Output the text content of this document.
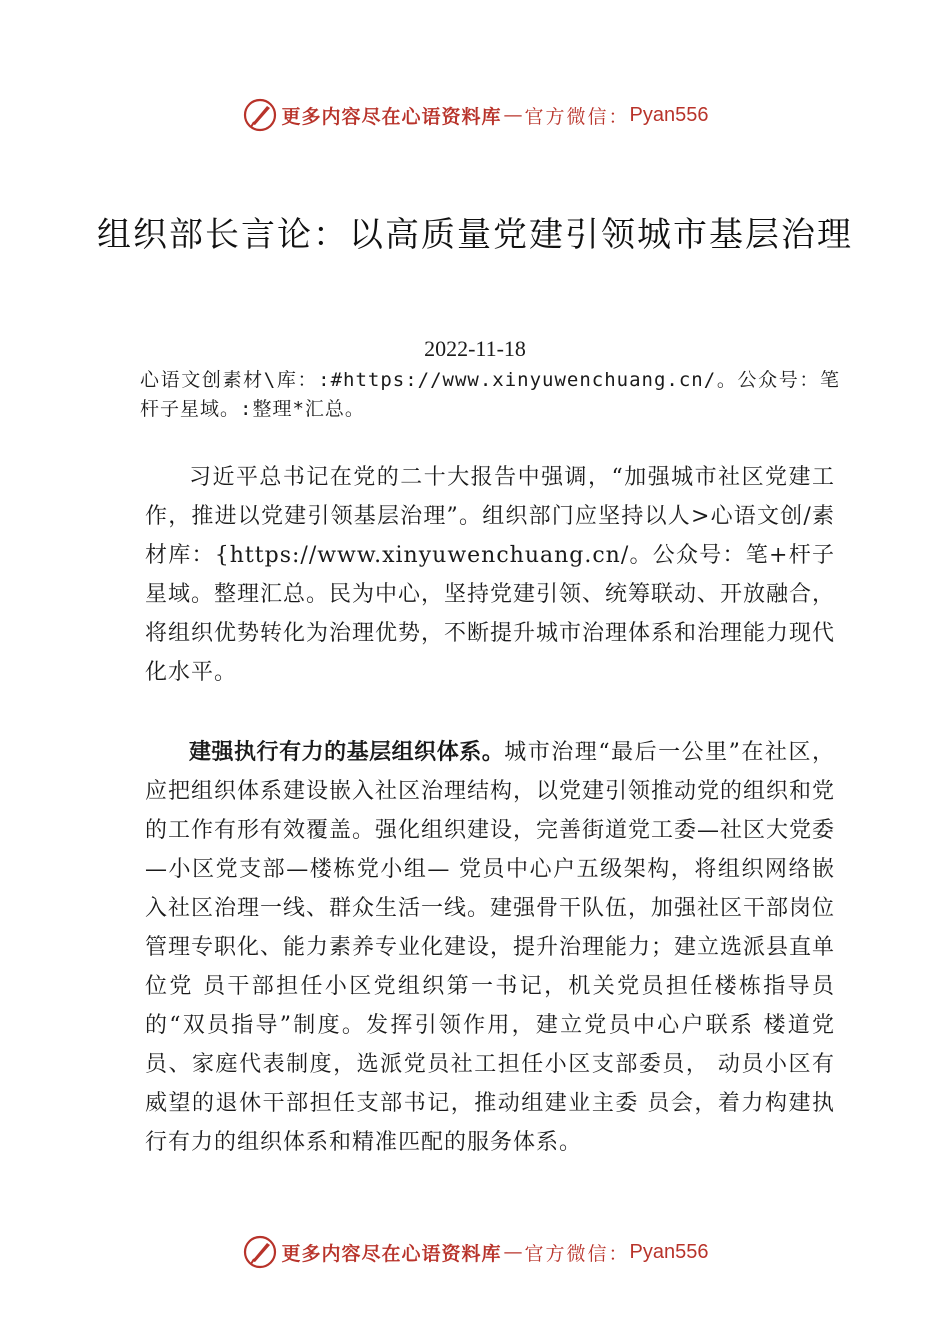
更多内容尽在心语资料库 — 官方微信： Pyan556
组织部长言论：以高质量党建引领城市基层治理
2022-11-18
心语文创素材\库：:#https://www.xinyuwenchuang.cn/。公众号：笔杆子星域。:整理*汇总。
习近平总书记在党的二十大报告中强调，“加强城市社区党建工作，推进以党建引领基层治理”。组织部门应坚持以人>心语文创/素材库：{https://www.xinyuwenchuang.cn/。公众号：笔+杆子星域。整理汇总。民为中心，坚持党建引领、统筹联动、开放融合，将组织优势转化为治理优势，不断提升城市治理体系和治理能力现代化水平。
建强执行有力的基层组织体系。城市治理“最后一公里”在社区，应把组织体系建设嵌入社区治理结构，以党建引领推动党的组织和党的工作有形有效覆盖。强化组织建设，完善街道党工委—社区大党委—小区党支部—楼栋党小组— 党员中心户五级架构，将组织网络嵌入社区治理一线、群众生活一线。建强骨干队伍，加强社区干部岗位管理专职化、能力素养专业化建设，提升治理能力；建立选派县直单位党 员干部担任小区党组织第一书记，机关党员担任楼栋指导员 的“双员指导”制度。发挥引领作用，建立党员中心户联系 楼道党员、家庭代表制度，选派党员社工担任小区支部委员， 动员小区有威望的退休干部担任支部书记，推动组建业主委 员会，着力构建执行有力的组织体系和精准匹配的服务体系。
更多内容尽在心语资料库 — 官方微信： Pyan556
